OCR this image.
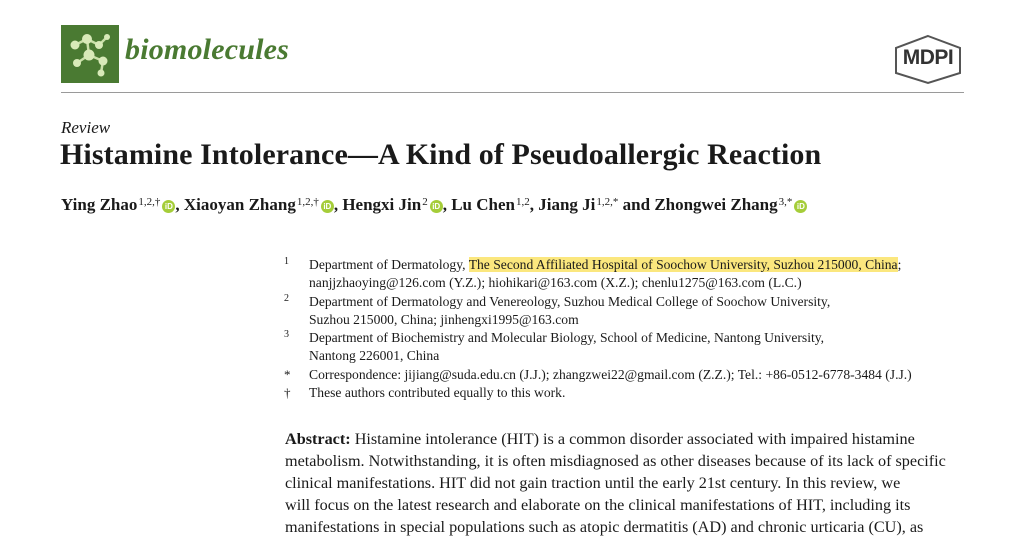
biomolecules	MDPI
Review
Histamine Intolerance—A Kind of Pseudoallergic Reaction
Ying Zhao$^{1,2,\dagger}$ iD , Xiaoyan Zhang$^{1,2,\dagger}$ iD , Hengxi Jin$^2$ iD , Lu Chen$^{1,2}$, Jiang $Ji^{1,2,*}$ and Zhongwei Zhang$^{3,*}$ iD
1 Department of Dermatology, The Second Affiliated Hospital of Soochow University, Suzhou 215000, China;
nanjjzhaoying@126.com (Y.Z.); hiohikari@163.com (X.Z.); chenlu1275@163.com (L.C.)
2 Department of Dermatology and Venereology, Suzhou Medical College of Soochow University,
Suzhou 215000, China; jinhengxi1995@163.com
3 Department of Biochemistry and Molecular Biology, School of Medicine, Nantong University,
Nantong 226001, China
* Correspondence: jijiang@suda.edu.cn (J.J.); zhangzwei22@gmail.com (Z.Z.); Tel.: +86-0512-6778-3484 (J.J.)
† These authors contributed equally to this work.

Abstract: Histamine intolerance (HIT) is a common disorder associated with impaired histamine

metabolism. Notwithstanding, it is often misdiagnosed as other diseases because of its lack of specific

clinical manifestations. HIT did not gain traction until the early 21st century. In this review, we

will focus on the latest research and elaborate on the clinical manifestations of HIT, including its

manifestations in special populations such as atopic dermatitis (AD) and chronic urticaria (CU), as
